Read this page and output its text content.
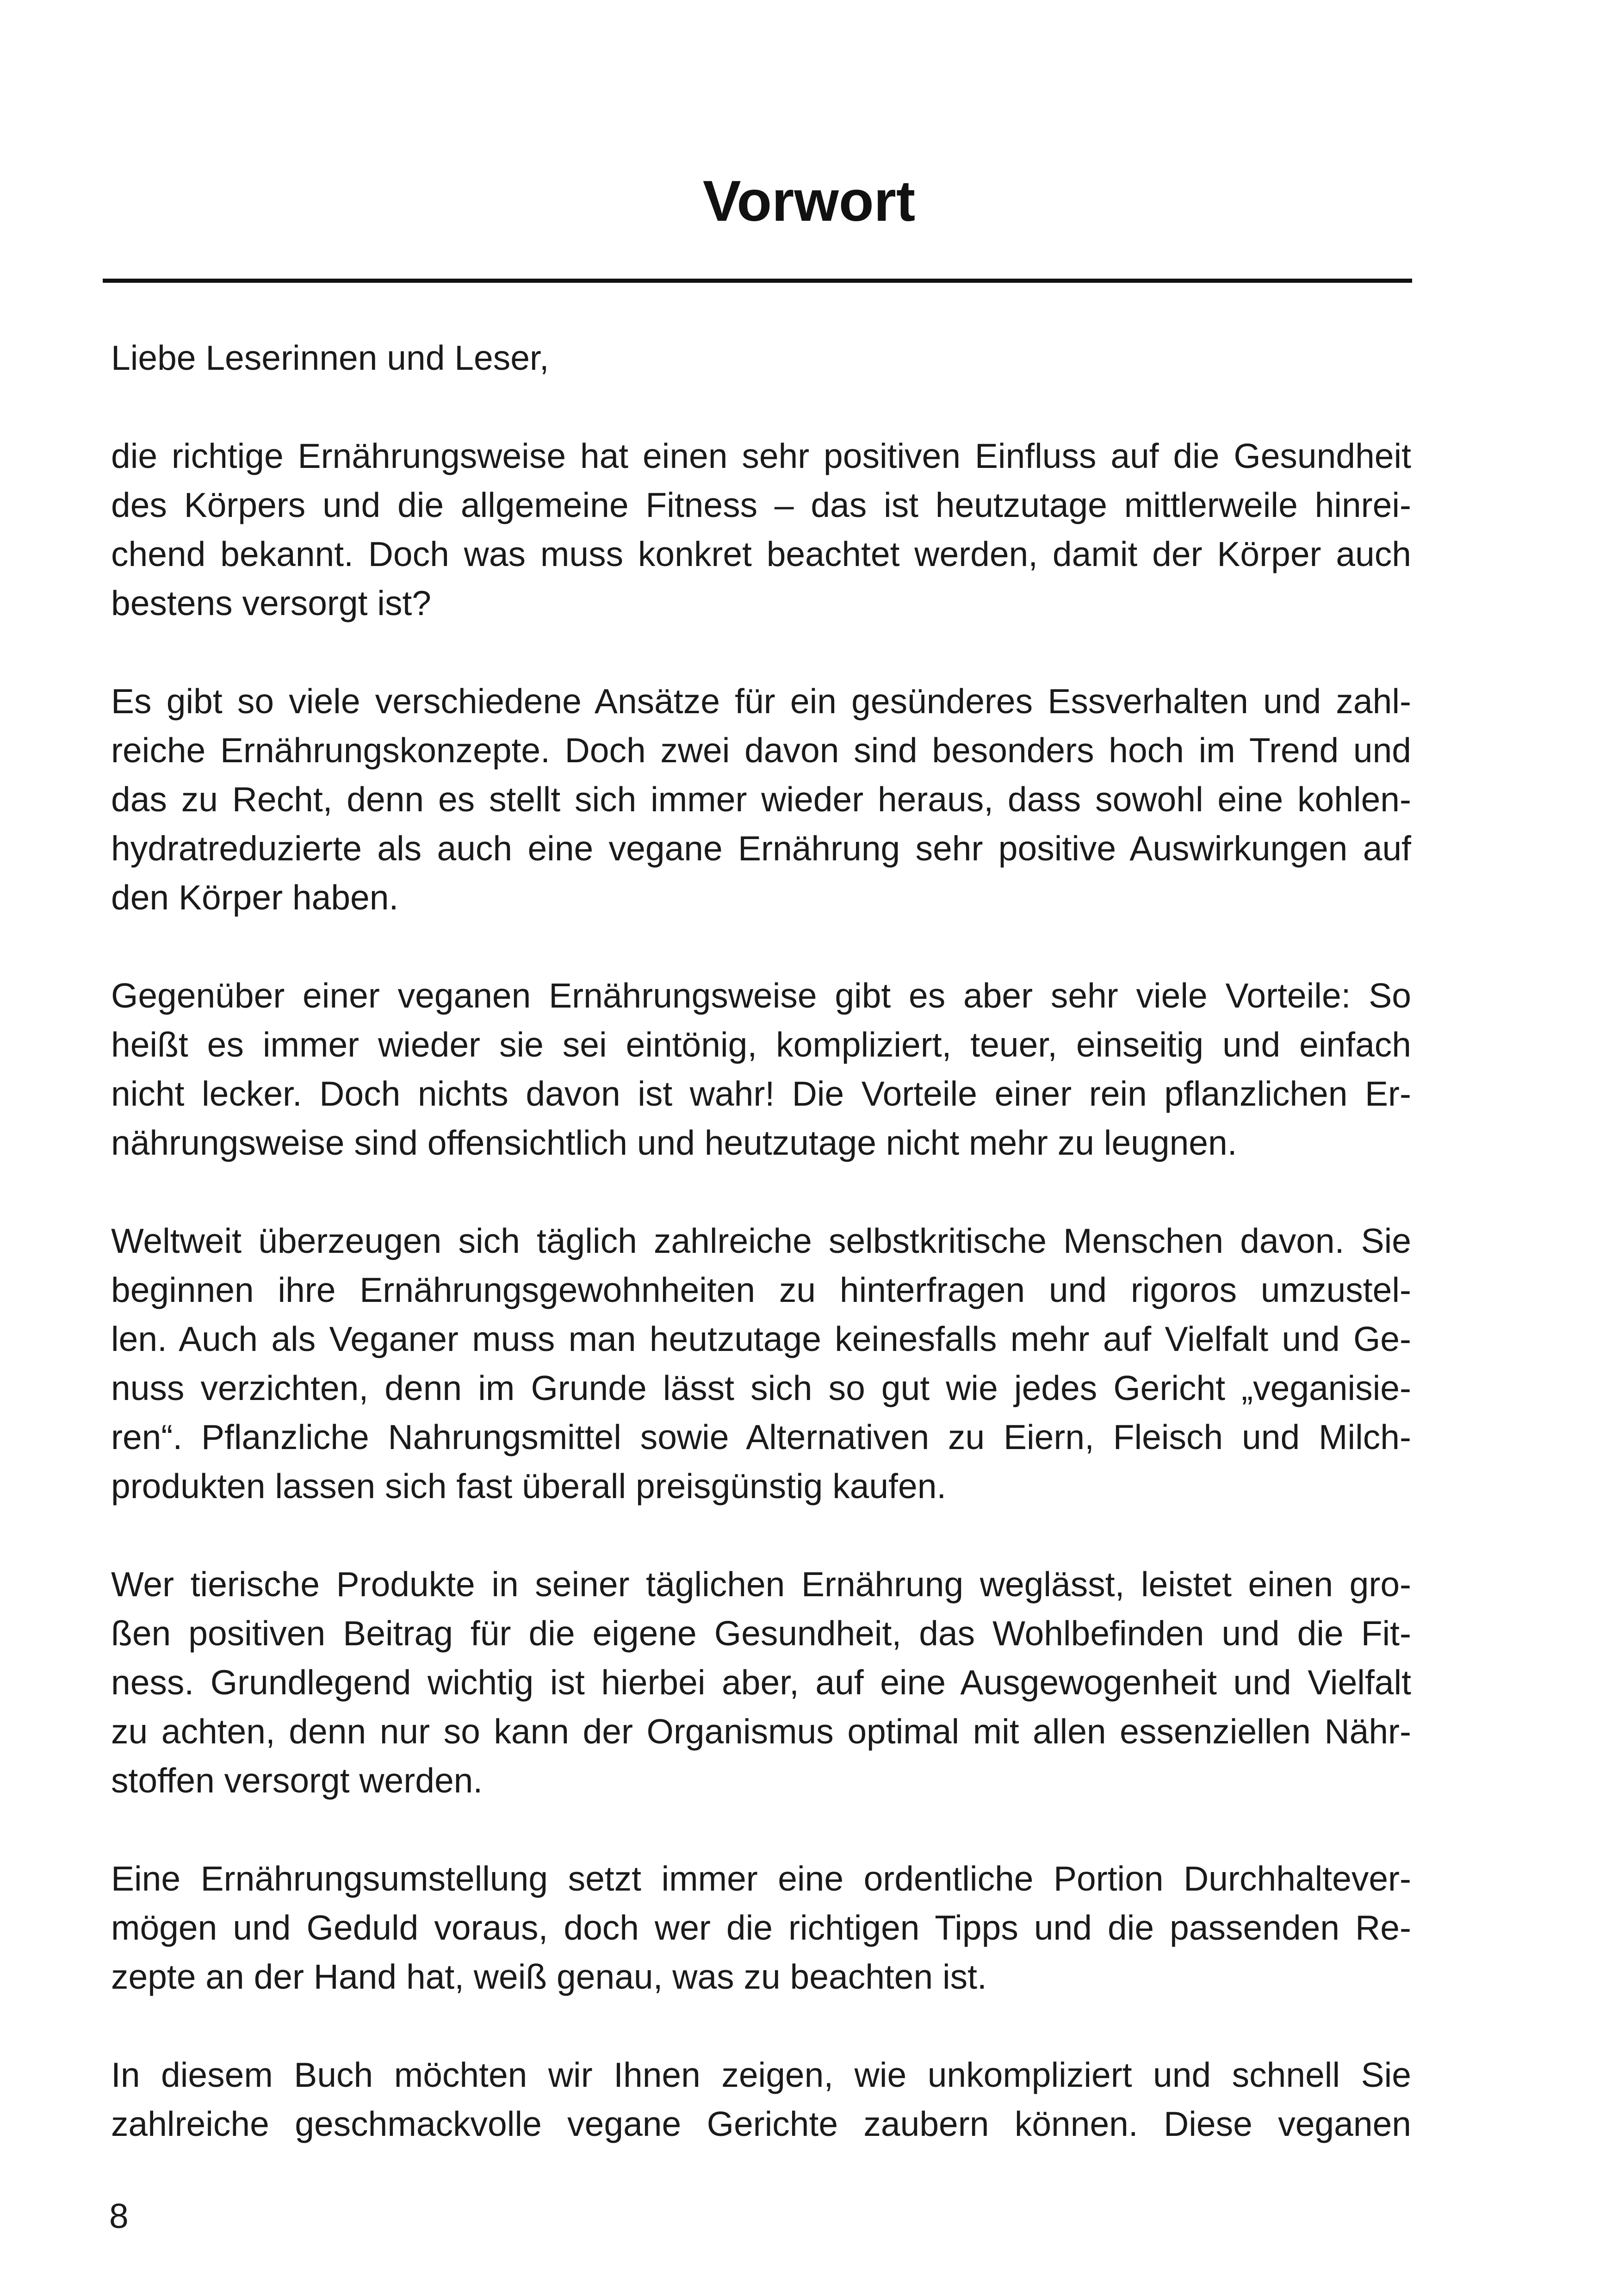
Vorwort
Liebe Leserinnen und Leser,
die richtige Ernährungsweise hat einen sehr positiven Einfluss auf die Gesundheit
des Körpers und die allgemeine Fitness – das ist heutzutage mittlerweile hinrei-
chend bekannt. Doch was muss konkret beachtet werden, damit der Körper auch
bestens versorgt ist?
Es gibt so viele verschiedene Ansätze für ein gesünderes Essverhalten und zahl-
reiche Ernährungskonzepte. Doch zwei davon sind besonders hoch im Trend und
das zu Recht, denn es stellt sich immer wieder heraus, dass sowohl eine kohlen-
hydratreduzierte als auch eine vegane Ernährung sehr positive Auswirkungen auf
den Körper haben.
Gegenüber einer veganen Ernährungsweise gibt es aber sehr viele Vorteile: So
heißt es immer wieder sie sei eintönig, kompliziert, teuer, einseitig und einfach
nicht lecker. Doch nichts davon ist wahr! Die Vorteile einer rein pflanzlichen Er-
nährungsweise sind offensichtlich und heutzutage nicht mehr zu leugnen.
Weltweit überzeugen sich täglich zahlreiche selbstkritische Menschen davon. Sie
beginnen ihre Ernährungsgewohnheiten zu hinterfragen und rigoros umzustel-
len. Auch als Veganer muss man heutzutage keinesfalls mehr auf Vielfalt und Ge-
nuss verzichten, denn im Grunde lässt sich so gut wie jedes Gericht „veganisie-
ren“. Pflanzliche Nahrungsmittel sowie Alternativen zu Eiern, Fleisch und Milch-
produkten lassen sich fast überall preisgünstig kaufen.
Wer tierische Produkte in seiner täglichen Ernährung weglässt, leistet einen gro-
ßen positiven Beitrag für die eigene Gesundheit, das Wohlbefinden und die Fit-
ness. Grundlegend wichtig ist hierbei aber, auf eine Ausgewogenheit und Vielfalt
zu achten, denn nur so kann der Organismus optimal mit allen essenziellen Nähr-
stoffen versorgt werden.
Eine Ernährungsumstellung setzt immer eine ordentliche Portion Durchhaltever-
mögen und Geduld voraus, doch wer die richtigen Tipps und die passenden Re-
zepte an der Hand hat, weiß genau, was zu beachten ist.
In diesem Buch möchten wir Ihnen zeigen, wie unkompliziert und schnell Sie
zahlreiche geschmackvolle vegane Gerichte zaubern können. Diese veganen
8
